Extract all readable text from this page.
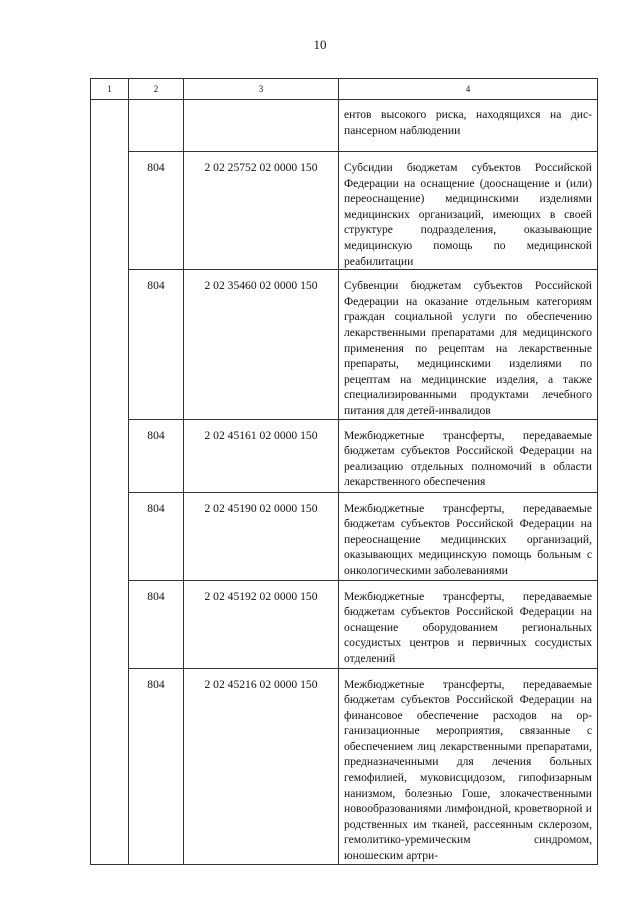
10
1	2	3	4
			ентов высокого риска, находящихся на диспансерном наблюдении
	804	2 02 25752 02 0000 150	Субсидии бюджетам субъектов Российской Федерации на оснащение (дооснащение и (или) переоснащение) медицинскими изделиями медицинских организаций, имеющих в своей структуре подразделения, оказывающие медицинскую помощь по медицинской реабилитации
	804	2 02 35460 02 0000 150	Субвенции бюджетам субъектов Российской Федерации на оказание отдельным категориям граждан социальной услуги по обеспечению лекарственными препаратами для медицинского применения по рецептам на лекарственные препараты, медицинскими изделиями по рецептам на медицинские изделия, а также специализированными продуктами лечебного питания для детей-инвалидов
	804	2 02 45161 02 0000 150	Межбюджетные трансферты, передаваемые бюджетам субъектов Российской Федерации на реализацию отдельных полномочий в области лекарственного обеспечения
	804	2 02 45190 02 0000 150	Межбюджетные трансферты, передаваемые бюджетам субъектов Российской Федерации на переоснащение медицинских организаций, оказывающих медицинскую помощь больным с онкологическими заболеваниями
	804	2 02 45192 02 0000 150	Межбюджетные трансферты, передаваемые бюджетам субъектов Российской Федерации на оснащение оборудованием региональных сосудистых центров и первичных сосудистых отделений
	804	2 02 45216 02 0000 150	Межбюджетные трансферты, передаваемые бюджетам субъектов Российской Федерации на финансовое обеспечение расходов на организационные мероприятия, связанные с обеспечением лиц лекарственными препаратами, предназначенными для лечения больных гемофилией, муковисцидозом, гипофизарным нанизмом, болезнью Гоше, злокачественными новообразованиями лимфоидной, кроветворной и родственных им тканей, рассеянным склерозом, гемолитико-уремическим синдромом, юношеским артри-
